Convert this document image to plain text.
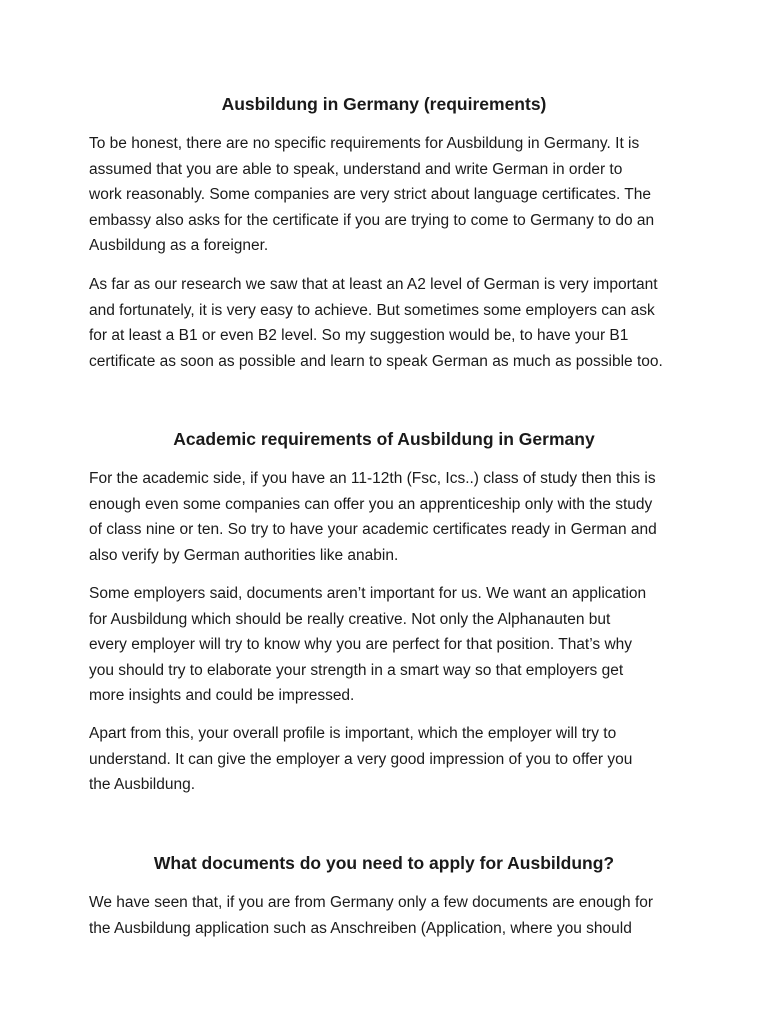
Ausbildung in Germany (requirements)

To be honest, there are no specific requirements for Ausbildung in Germany. It is
assumed that you are able to speak, understand and write German in order to
work reasonably. Some companies are very strict about language certificates. The
embassy also asks for the certificate if you are trying to come to Germany to do an
Ausbildung as a foreigner.

As far as our research we saw that at least an A2 level of German is very important
and fortunately, it is very easy to achieve. But sometimes some employers can ask
for at least a B1 or even B2 level. So my suggestion would be, to have your B1
certificate as soon as possible and learn to speak German as much as possible too.

Academic requirements of Ausbildung in Germany

For the academic side, if you have an 11-12th (Fsc, Ics..) class of study then this is
enough even some companies can offer you an apprenticeship only with the study
of class nine or ten. So try to have your academic certificates ready in German and
also verify by German authorities like anabin.

Some employers said, documents aren’t important for us. We want an application
for Ausbildung which should be really creative. Not only the Alphanauten but
every employer will try to know why you are perfect for that position. That’s why
you should try to elaborate your strength in a smart way so that employers get
more insights and could be impressed.

Apart from this, your overall profile is important, which the employer will try to
understand. It can give the employer a very good impression of you to offer you
the Ausbildung.

What documents do you need to apply for Ausbildung?

We have seen that, if you are from Germany only a few documents are enough for
the Ausbildung application such as Anschreiben (Application, where you should
